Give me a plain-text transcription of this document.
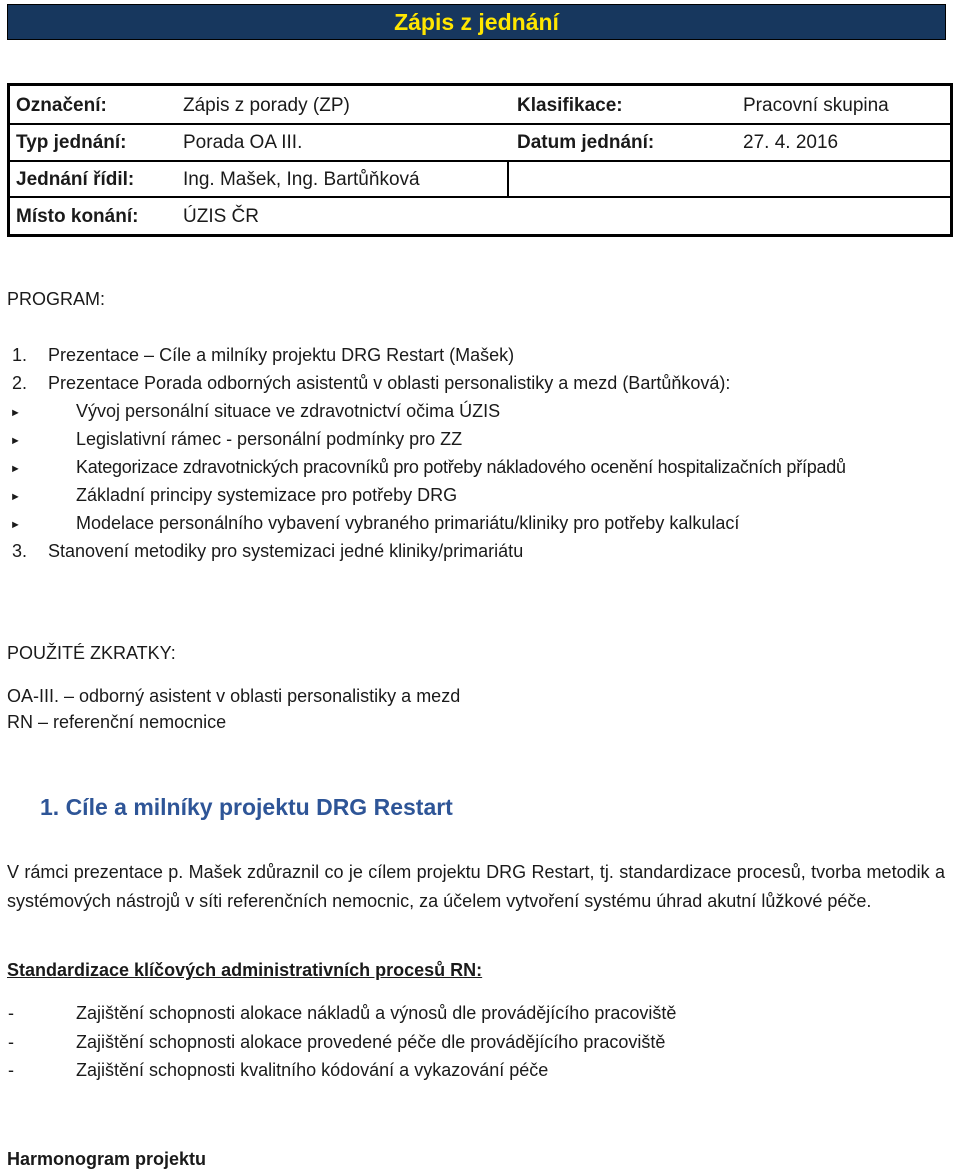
Zápis z jednání
Označení:	Zápis z porady (ZP)	Klasifikace:	Pracovní skupina
Typ jednání:	Porada OA III.	Datum jednání:	27. 4. 2016
Jednání řídil:	Ing. Mašek, Ing. Bartůňková
Místo konání: ÚZIS ČR
PROGRAM:
1. Prezentace – Cíle a milníky projektu DRG Restart (Mašek)
2. Prezentace Porada odborných asistentů v oblasti personalistiky a mezd (Bartůňková):
►	Vývoj personální situace ve zdravotnictví očima ÚZIS
►	Legislativní rámec - personální podmínky pro ZZ
►	Kategorizace zdravotnických pracovníků pro potřeby nákladového ocenění hospitalizačních případů
►	Základní principy systemizace pro potřeby DRG
►	Modelace personálního vybavení vybraného primariátu/kliniky pro potřeby kalkulací
3. Stanovení metodiky pro systemizaci jedné kliniky/primariátu
POUŽITÉ ZKRATKY:
OA-III. – odborný asistent v oblasti personalistiky a mezd
RN – referenční nemocnice
1. Cíle a milníky projektu DRG Restart
V rámci prezentace p. Mašek zdůraznil co je cílem projektu DRG Restart, tj. standardizace procesů, tvorba metodik a systémových nástrojů v síti referenčních nemocnic, za účelem vytvoření systému úhrad akutní lůžkové péče.
Standardizace klíčových administrativních procesů RN:
-	Zajištění schopnosti alokace nákladů a výnosů dle provádějícího pracoviště
-	Zajištění schopnosti alokace provedené péče dle provádějícího pracoviště
-	Zajištění schopnosti kvalitního kódování a vykazování péče
Harmonogram projektu
